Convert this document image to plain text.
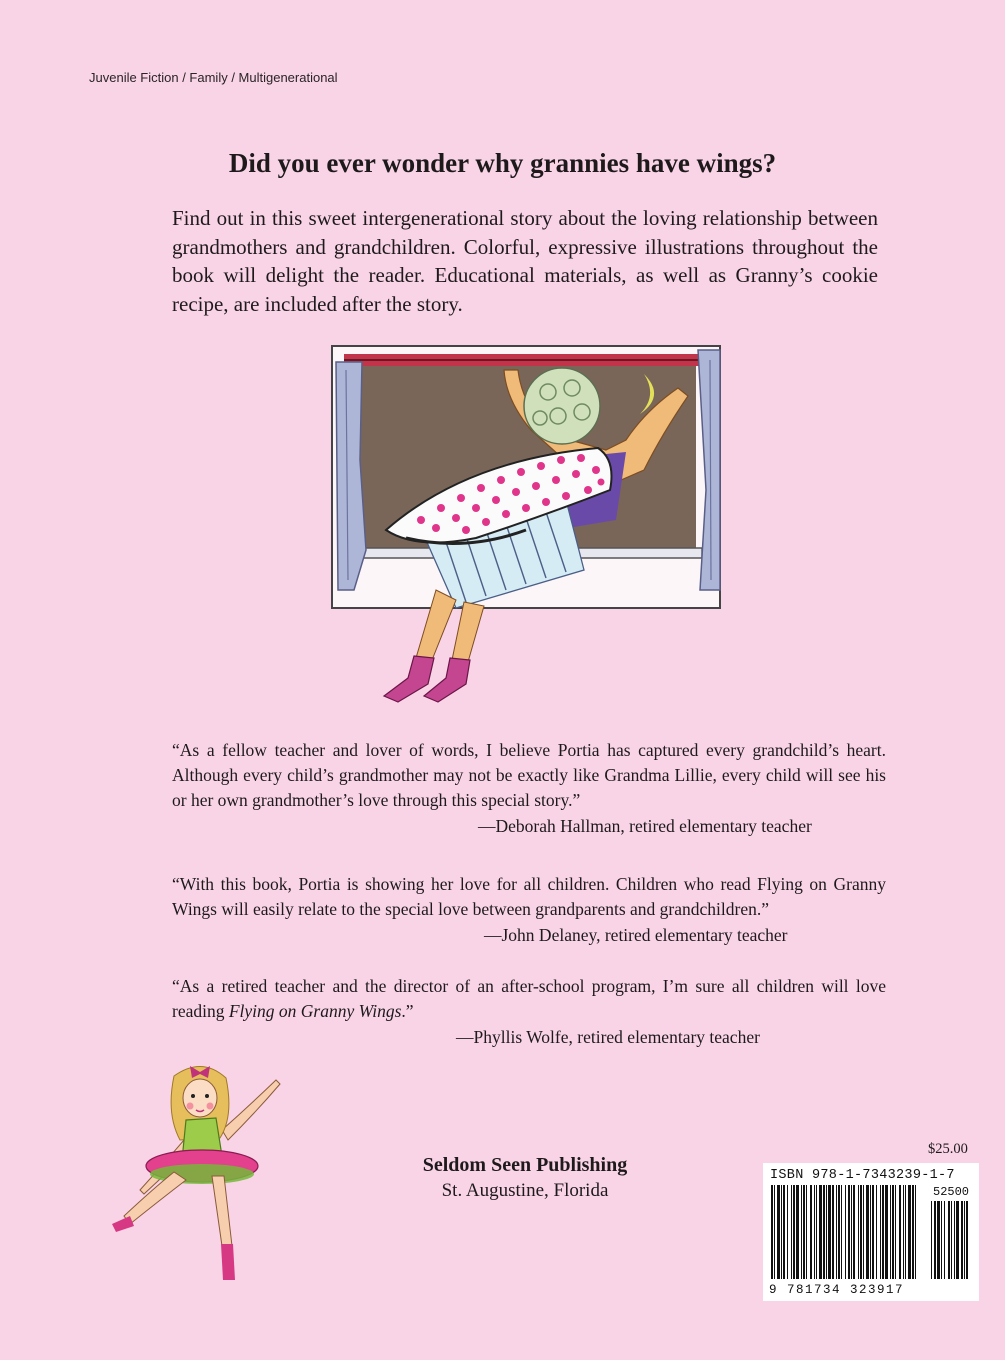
Juvenile Fiction / Family / Multigenerational
Did you ever wonder why grannies have wings?
Find out in this sweet intergenerational story about the loving relationship between grandmothers and grandchildren. Colorful, expressive illustrations throughout the book will delight the reader. Educational materials, as well as Granny’s cookie recipe, are included after the story.
“As a fellow teacher and lover of words, I believe Portia has captured every grandchild’s heart. Although every child’s grandmother may not be exactly like Grandma Lillie, every child will see his or her own grandmother’s love through this special story.”
—Deborah Hallman, retired elementary teacher
“With this book, Portia is showing her love for all children. Children who read Flying on Granny Wings will easily relate to the special love between grandparents and grandchildren.”
—John Delaney, retired elementary teacher
“As a retired teacher and the director of an after-school program, I’m sure all children will love reading Flying on Granny Wings.”
—Phyllis Wolfe, retired elementary teacher
Seldom Seen Publishing
St. Augustine, Florida
$25.00
ISBN 978-1-7343239-1-7
52500
9 781734 323917
